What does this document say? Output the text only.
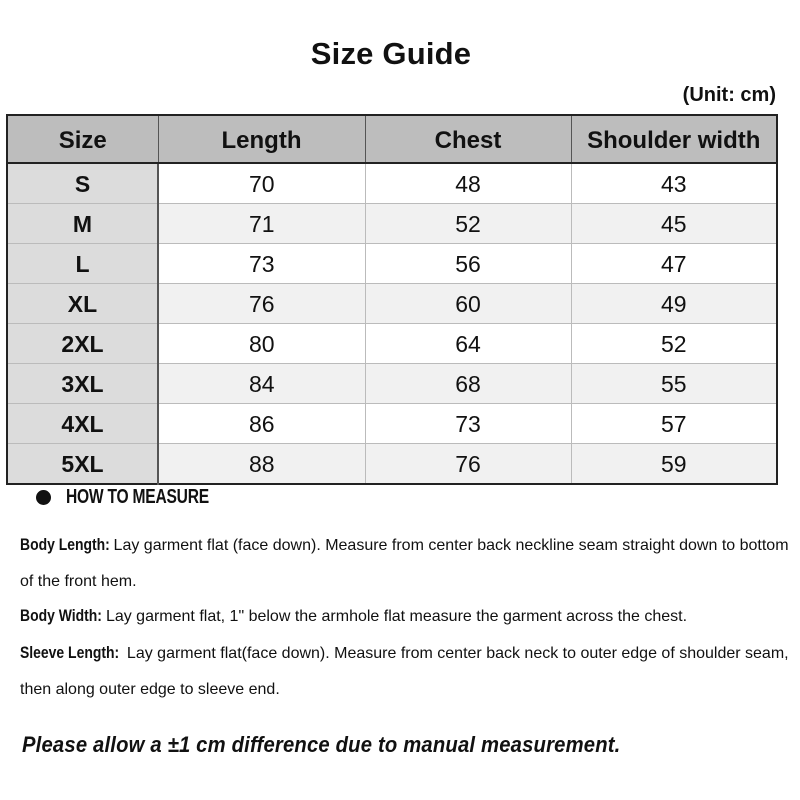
Size Guide
(Unit: cm)
Size	Length	Chest	Shoulder width
S	70	48	43
M	71	52	45
L	73	56	47
XL	76	60	49
2XL	80	64	52
3XL	84	68	55
4XL	86	73	57
5XL	88	76	59
HOW TO MEASURE
Body Length: Lay garment flat (face down). Measure from center back neckline seam straight down to bottom of the front hem.
Body Width: Lay garment flat, 1" below the armhole flat measure the garment across the chest.
Sleeve Length: Lay garment flat(face down). Measure from center back neck to outer edge of shoulder seam, then along outer edge to sleeve end.
Please allow a ±1 cm difference due to manual measurement.
